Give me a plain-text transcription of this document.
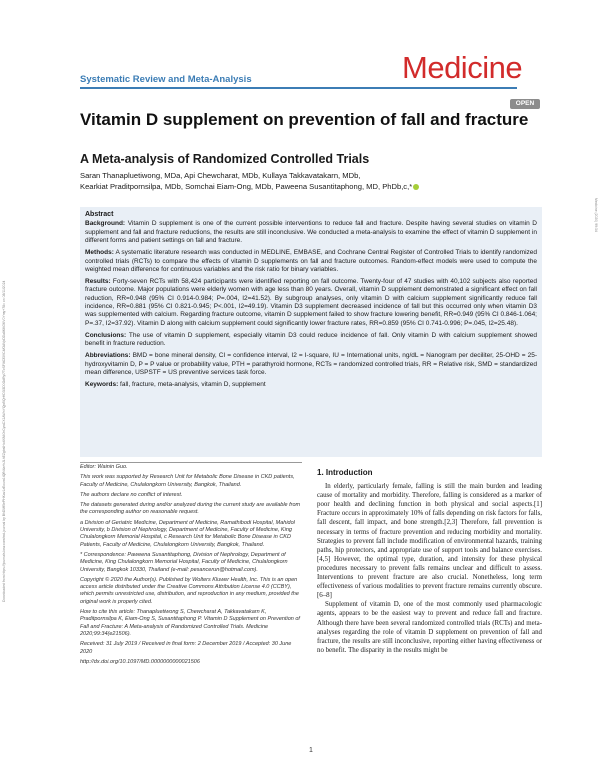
Downloaded from https://journals.lww.com/md-journal by BhDMf5ePHKav1zEoum1tQfN4a+kJLhEZgbsIHo4XMi0hCywCX1AWnYQp/IlQrHD3i3D0OdRyi7TvSFl4Cf3VC4/OAVpDDa8KKGKV0Ymy+78= on 08/11/2024
Medicine (2020) 99:34
Systematic Review and Meta-Analysis	Medicine
OPEN
Vitamin D supplement on prevention of fall and fracture
A Meta-analysis of Randomized Controlled Trials
Saran Thanapluetiwong, MDa, Api Chewcharat, MDb, Kullaya Takkavatakarn, MDb,
Kearkiat Praditpornsilpa, MDb, Somchai Eiam-Ong, MDb, Paweena Susantitaphong, MD, PhDb,c,*
Abstract

Background: Vitamin D supplement is one of the current possible interventions to reduce fall and fracture. Despite having several studies on vitamin D supplement and fall and fracture reductions, the results are still inconclusive. We conducted a meta-analysis to examine the effect of vitamin D supplement in different forms and patient settings on fall and fracture.

Methods: A systematic literature research was conducted in MEDLINE, EMBASE, and Cochrane Central Register of Controlled Trials to identify randomized controlled trials (RCTs) to compare the effects of vitamin D supplements on fall and fracture outcomes. Random-effect models were used to compute the weighted mean difference for continuous variables and the risk ratio for binary variables.

Results: Forty-seven RCTs with 58,424 participants were identified reporting on fall outcome. Twenty-four of 47 studies with 40,102 subjects also reported fracture outcome. Major populations were elderly women with age less than 80 years. Overall, vitamin D supplement demonstrated a significant effect on fall reduction, RR=0.948 (95% CI 0.914-0.984; P=.004, I2=41.52). By subgroup analyses, only vitamin D with calcium supplement significantly reduce fall incidence, RR=0.881 (95% CI 0.821-0.945; P<.001, I2=49.19). Vitamin D3 supplement decreased incidence of fall but this occurred only when vitamin D3 was supplemented with calcium. Regarding fracture outcome, vitamin D supplement failed to show fracture lowering benefit, RR=0.949 (95% CI 0.846-1.064; P=.37, I2=37.92). Vitamin D along with calcium supplement could significantly lower fracture rates, RR=0.859 (95% CI 0.741-0.996; P=.045, I2=25.48).

Conclusions: The use of vitamin D supplement, especially vitamin D3 could reduce incidence of fall. Only vitamin D with calcium supplement showed benefit in fracture reduction.

Abbreviations: BMD = bone mineral density, CI = confidence interval, I2 = I-square, IU = International units, ng/dL = Nanogram per deciliter, 25-OHD = 25-hydroxyvitamin D, P = P value or probability value, PTH = parathyroid hormone, RCTs = randomized controlled trials, RR = Relative risk, SMD = standardized mean difference, USPSTF = US preventive services task force.

Keywords: fall, fracture, meta-analysis, vitamin D, supplement

Editor: Wainin Guo.

This work was supported by Research Unit for Metabolic Bone Disease in CKD patients, Faculty of Medicine, Chulalongkorn University, Bangkok, Thailand.

The authors declare no conflict of interest.

The datasets generated during and/or analyzed during the current study are available from the corresponding author on reasonable request.

a Division of Geriatric Medicine, Department of Medicine, Ramathibodi Hospital, Mahidol University, b Division of Nephrology, Department of Medicine, Faculty of Medicine, King Chulalongkorn Memorial Hospital, c Research Unit for Metabolic Bone Disease in CKD Patients, Faculty of Medicine, Chulalongkorn University, Bangkok, Thailand.

* Correspondence: Paweena Susantitaphong, Division of Nephrology, Department of Medicine, King Chulalongkorn Memorial Hospital, Faculty of Medicine, Chulalongkorn University, Bangkok 10330, Thailand (e-mail: pesancerun@hotmail.com).

Copyright © 2020 the Author(s). Published by Wolters Kluwer Health, Inc. This is an open access article distributed under the Creative Commons Attribution License 4.0 (CCBY), which permits unrestricted use, distribution, and reproduction in any medium, provided the original work is properly cited.

How to cite this article: Thanapluetiwong S, Chewcharat A, Takkavatakarn K, Praditpornsilpa K, Eiam-Ong S, Susantitaphong P. Vitamin D Supplement on Prevention of Fall and Fracture: A Meta-analysis of Randomized Controlled Trials. Medicine 2020;99:34(e21506).

Received: 31 July 2019 / Received in final form: 2 December 2019 / Accepted: 30 June 2020

http://dx.doi.org/10.1097/MD.0000000000021506

1. Introduction

In elderly, particularly female, falling is still the main burden and leading cause of mortality and morbidity. Therefore, falling is considered as a marker of poor health and declining function in both physical and social aspects.[1] Fracture occurs in approximately 10% of falls depending on risk factors for falls, fall descent, fall impact, and bone strength.[2,3] Therefore, fall prevention is necessary in terms of fracture prevention and reducing morbidity and mortality. Strategies to prevent fall include modification of environmental hazards, training paths, hip protectors, and appropriate use of support tools and balance exercises.[4,5] However, the optimal type, duration, and intensity for these physical procedures necessary to prevent falls remains unclear and difficult to assess. Interventions to prevent fracture are also crucial. Nonetheless, long term effectiveness of various modalities to prevent fracture remains currently obscure.[6–8]

Supplement of vitamin D, one of the most commonly used pharmacologic agents, appears to be the easiest way to prevent and reduce fall and fracture. Although there have been several randomized controlled trials (RCTs) and meta-analyses regarding the role of vitamin D supplement on prevention of fall and fracture, the results are still inconclusive, reporting either having effectiveness or no benefit. The disparity in the results might be

1
